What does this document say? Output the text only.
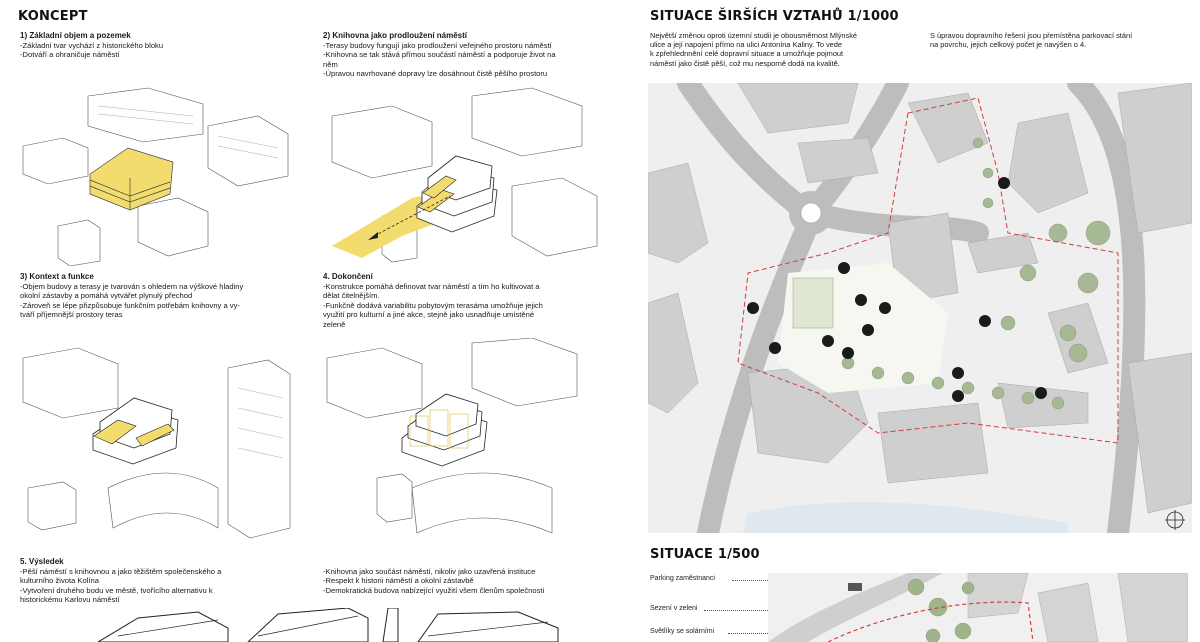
KONCEPT
1) Základní objem a pozemek
-Základní tvar vychází z historického bloku
-Dotváří a ohraničuje náměstí
2) Knihovna jako prodloužení náměstí
-Terasy budovy fungují jako prodloužení veřejného prostoru náměstí
-Knihovna se tak stává přímou součástí náměstí a podporuje život na
něm
-Úpravou navrhované dopravy lze dosáhnout čistě pěšího prostoru
3) Kontext a funkce
-Objem budovy a terasy je tvarován s ohledem na výškové hladiny
okolní zástavby a pomáhá vytvářet plynulý přechod
-Zároveň se lépe přizpůsobuje funkčním potřebám knihovny a vy-
tváří příjemnější prostory teras
4. Dokončení
-Konstrukce pomáhá definovat tvar náměstí a tím ho kultivovat a
dělat čitelnějším.
-Funkčně dodává variabilitu pobytovým terasáma umožňuje jejich
využití pro kulturní a jiné akce, stejně jako usnadňuje umístěné
zeleně
5. Výsledek
-Pěší náměstí s knihovnou a jako těžištěm společenského a
kulturního života Kolína
-Vytvoření druhého bodu ve městě, tvořícího alternativu k
historickému Karlovu náměstí
-Knihovna jako součást náměstí, nikoliv jako uzavřená instituce
-Respekt k historii náměstí a okolní zástavbě
-Demokratická budova nabízející využití všem členům společnosti
SITUACE ŠIRŠÍCH VZTAHŮ 1/1000
Největší změnou oproti územní studii je obousměrnost Mlýnské
ulice a její napojení přímo na ulici Antonína Kaliny. To vede
k zpřehlednnění celé dopravní situace a umožňuje pojmout
náměstí jako čistě pěší, což mu nesporně dodá na kvalitě.
S úpravou dopravního řešení jsou přemístěna parkovací stání
na povrchu, jejich celkový počet je navýšen o 4.
SITUACE 1/500
Parking zaměstnanci
Sezení v zeleni
Světlíky se solárními
